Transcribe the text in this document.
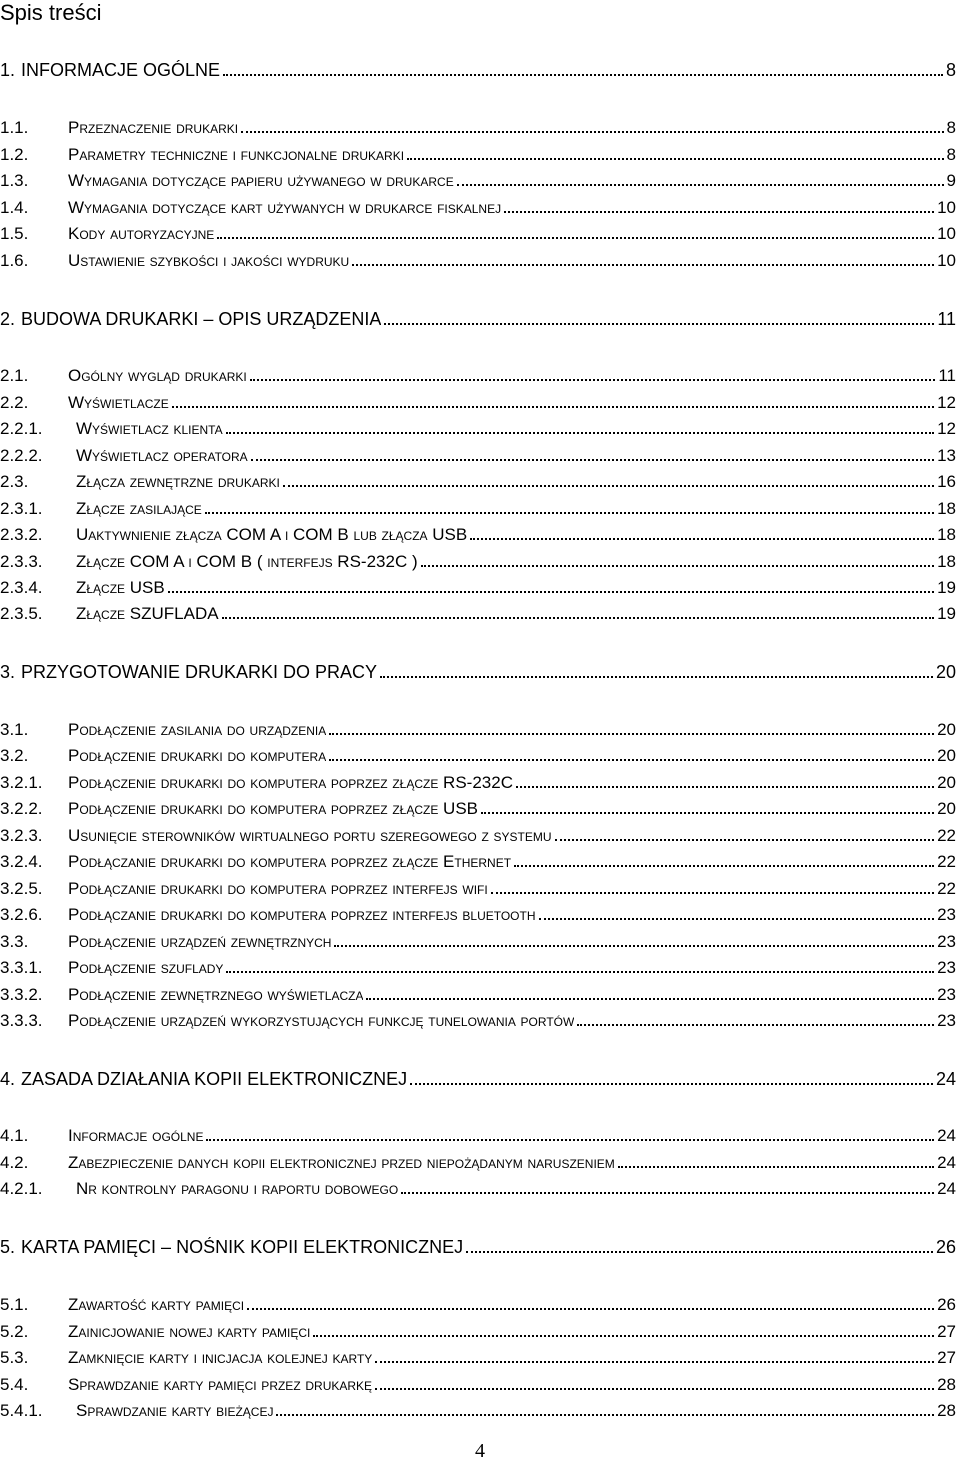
Spis treści
1. INFORMACJE OGÓLNE	8
1.1.	Przeznaczenie drukarki	8
1.2.	Parametry techniczne i funkcjonalne drukarki	8
1.3.	Wymagania dotyczące papieru używanego w drukarce	9
1.4.	Wymagania dotyczące kart używanych w drukarce fiskalnej	10
1.5.	Kody autoryzacyjne	10
1.6.	Ustawienie szybkości i jakości wydruku	10
2. BUDOWA DRUKARKI – OPIS URZĄDZENIA	11
2.1.	Ogólny wygląd drukarki	11
2.2.	Wyświetlacze	12
2.2.1.	Wyświetlacz klienta	12
2.2.2.	Wyświetlacz operatora	13
2.3.	Złącza zewnętrzne drukarki	16
2.3.1.	Złącze zasilające	18
2.3.2.	Uaktywnienie złącza COM A i COM B lub złącza USB	18
2.3.3.	Złącze COM A i COM B ( interfejs RS-232C )	18
2.3.4.	Złącze USB	19
2.3.5.	Złącze SZUFLADA	19
3. PRZYGOTOWANIE DRUKARKI DO PRACY	20
3.1.	Podłączenie zasilania do urządzenia	20
3.2.	Podłączenie drukarki do komputera	20
3.2.1.	Podłączenie drukarki do komputera poprzez złącze RS-232C	20
3.2.2.	Podłączenie drukarki do komputera poprzez złącze USB	20
3.2.3.	Usunięcie sterowników wirtualnego portu szeregowego z systemu	22
3.2.4.	Podłączanie drukarki do komputera poprzez złącze Ethernet	22
3.2.5.	Podłączanie drukarki do komputera poprzez interfejs wifi	22
3.2.6.	Podłączanie drukarki do komputera poprzez interfejs bluetooth	23
3.3.	Podłączenie urządzeń zewnętrznych	23
3.3.1.	Podłączenie szuflady	23
3.3.2.	Podłączenie zewnętrznego wyświetlacza	23
3.3.3.	Podłączenie urządzeń wykorzystujących funkcję tunelowania portów	23
4. ZASADA DZIAŁANIA KOPII ELEKTRONICZNEJ	24
4.1.	Informacje ogólne	24
4.2.	Zabezpieczenie danych kopii elektronicznej przed niepożądanym naruszeniem	24
4.2.1.	Nr kontrolny paragonu i raportu dobowego	24
5. KARTA PAMIĘCI – NOŚNIK KOPII ELEKTRONICZNEJ	26
5.1.	Zawartość karty pamięci	26
5.2.	Zainicjowanie nowej karty pamięci	27
5.3.	Zamknięcie karty i inicjacja kolejnej karty	27
5.4.	Sprawdzanie karty pamięci przez drukarkę	28
5.4.1.	Sprawdzanie karty bieżącej	28
4
